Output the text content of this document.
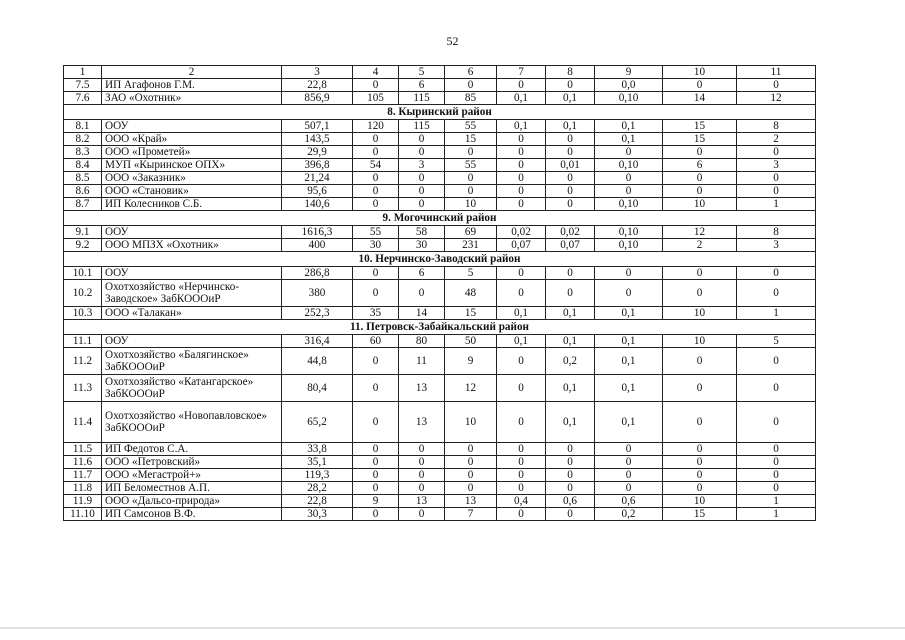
52
1	2	3	4	5	6	7	8	9	10	11
7.5	ИП Агафонов Г.М.	22,8	0	6	0	0	0	0,0	0	0
7.6	ЗАО «Охотник»	856,9	105	115	85	0,1	0,1	0,10	14	12
8. Кыринский район										
8.1	ООУ	507,1	120	115	55	0,1	0,1	0,1	15	8
8.2	ООО «Край»	143,5	0	0	15	0	0	0,1	15	2
8.3	ООО «Прометей»	29,9	0	0	0	0	0	0	0	0
8.4	МУП «Кыринское ОПХ»	396,8	54	3	55	0	0,01	0,10	6	3
8.5	ООО «Заказник»	21,24	0	0	0	0	0	0	0	0
8.6	ООО «Становик»	95,6	0	0	0	0	0	0	0	0
8.7	ИП Колесников С.Б.	140,6	0	0	10	0	0	0,10	10	1
9. Могочинский район										
9.1	ООУ	1616,3	55	58	69	0,02	0,02	0,10	12	8
9.2	ООО МПЗХ «Охотник»	400	30	30	231	0,07	0,07	0,10	2	3
10. Нерчинско-Заводский район										
10.1	ООУ	286,8	0	6	5	0	0	0	0	0
10.2	Охотхозяйство «Нерчинско-Заводское» ЗабКОООиР	380	0	0	48	0	0	0	0	0
10.3	ООО «Талакан»	252,3	35	14	15	0,1	0,1	0,1	10	1
11. Петровск-Забайкальский район										
11.1	ООУ	316,4	60	80	50	0,1	0,1	0,1	10	5
11.2	Охотхозяйство «Балягинское» ЗабКОООиР	44,8	0	11	9	0	0,2	0,1	0	0
11.3	Охотхозяйство «Катангарское» ЗабКОООиР	80,4	0	13	12	0	0,1	0,1	0	0
11.4	Охотхозяйство «Новопавловское» ЗабКОООиР	65,2	0	13	10	0	0,1	0,1	0	0
11.5	ИП Федотов С.А.	33,8	0	0	0	0	0	0	0	0
11.6	ООО «Петровский»	35,1	0	0	0	0	0	0	0	0
11.7	ООО «Мегастрой+»	119,3	0	0	0	0	0	0	0	0
11.8	ИП Беломестнов А.П.	28,2	0	0	0	0	0	0	0	0
11.9	ООО «Дальсо-природа»	22,8	9	13	13	0,4	0,6	0,6	10	1
11.10	ИП Самсонов В.Ф.	30,3	0	0	7	0	0	0,2	15	1
